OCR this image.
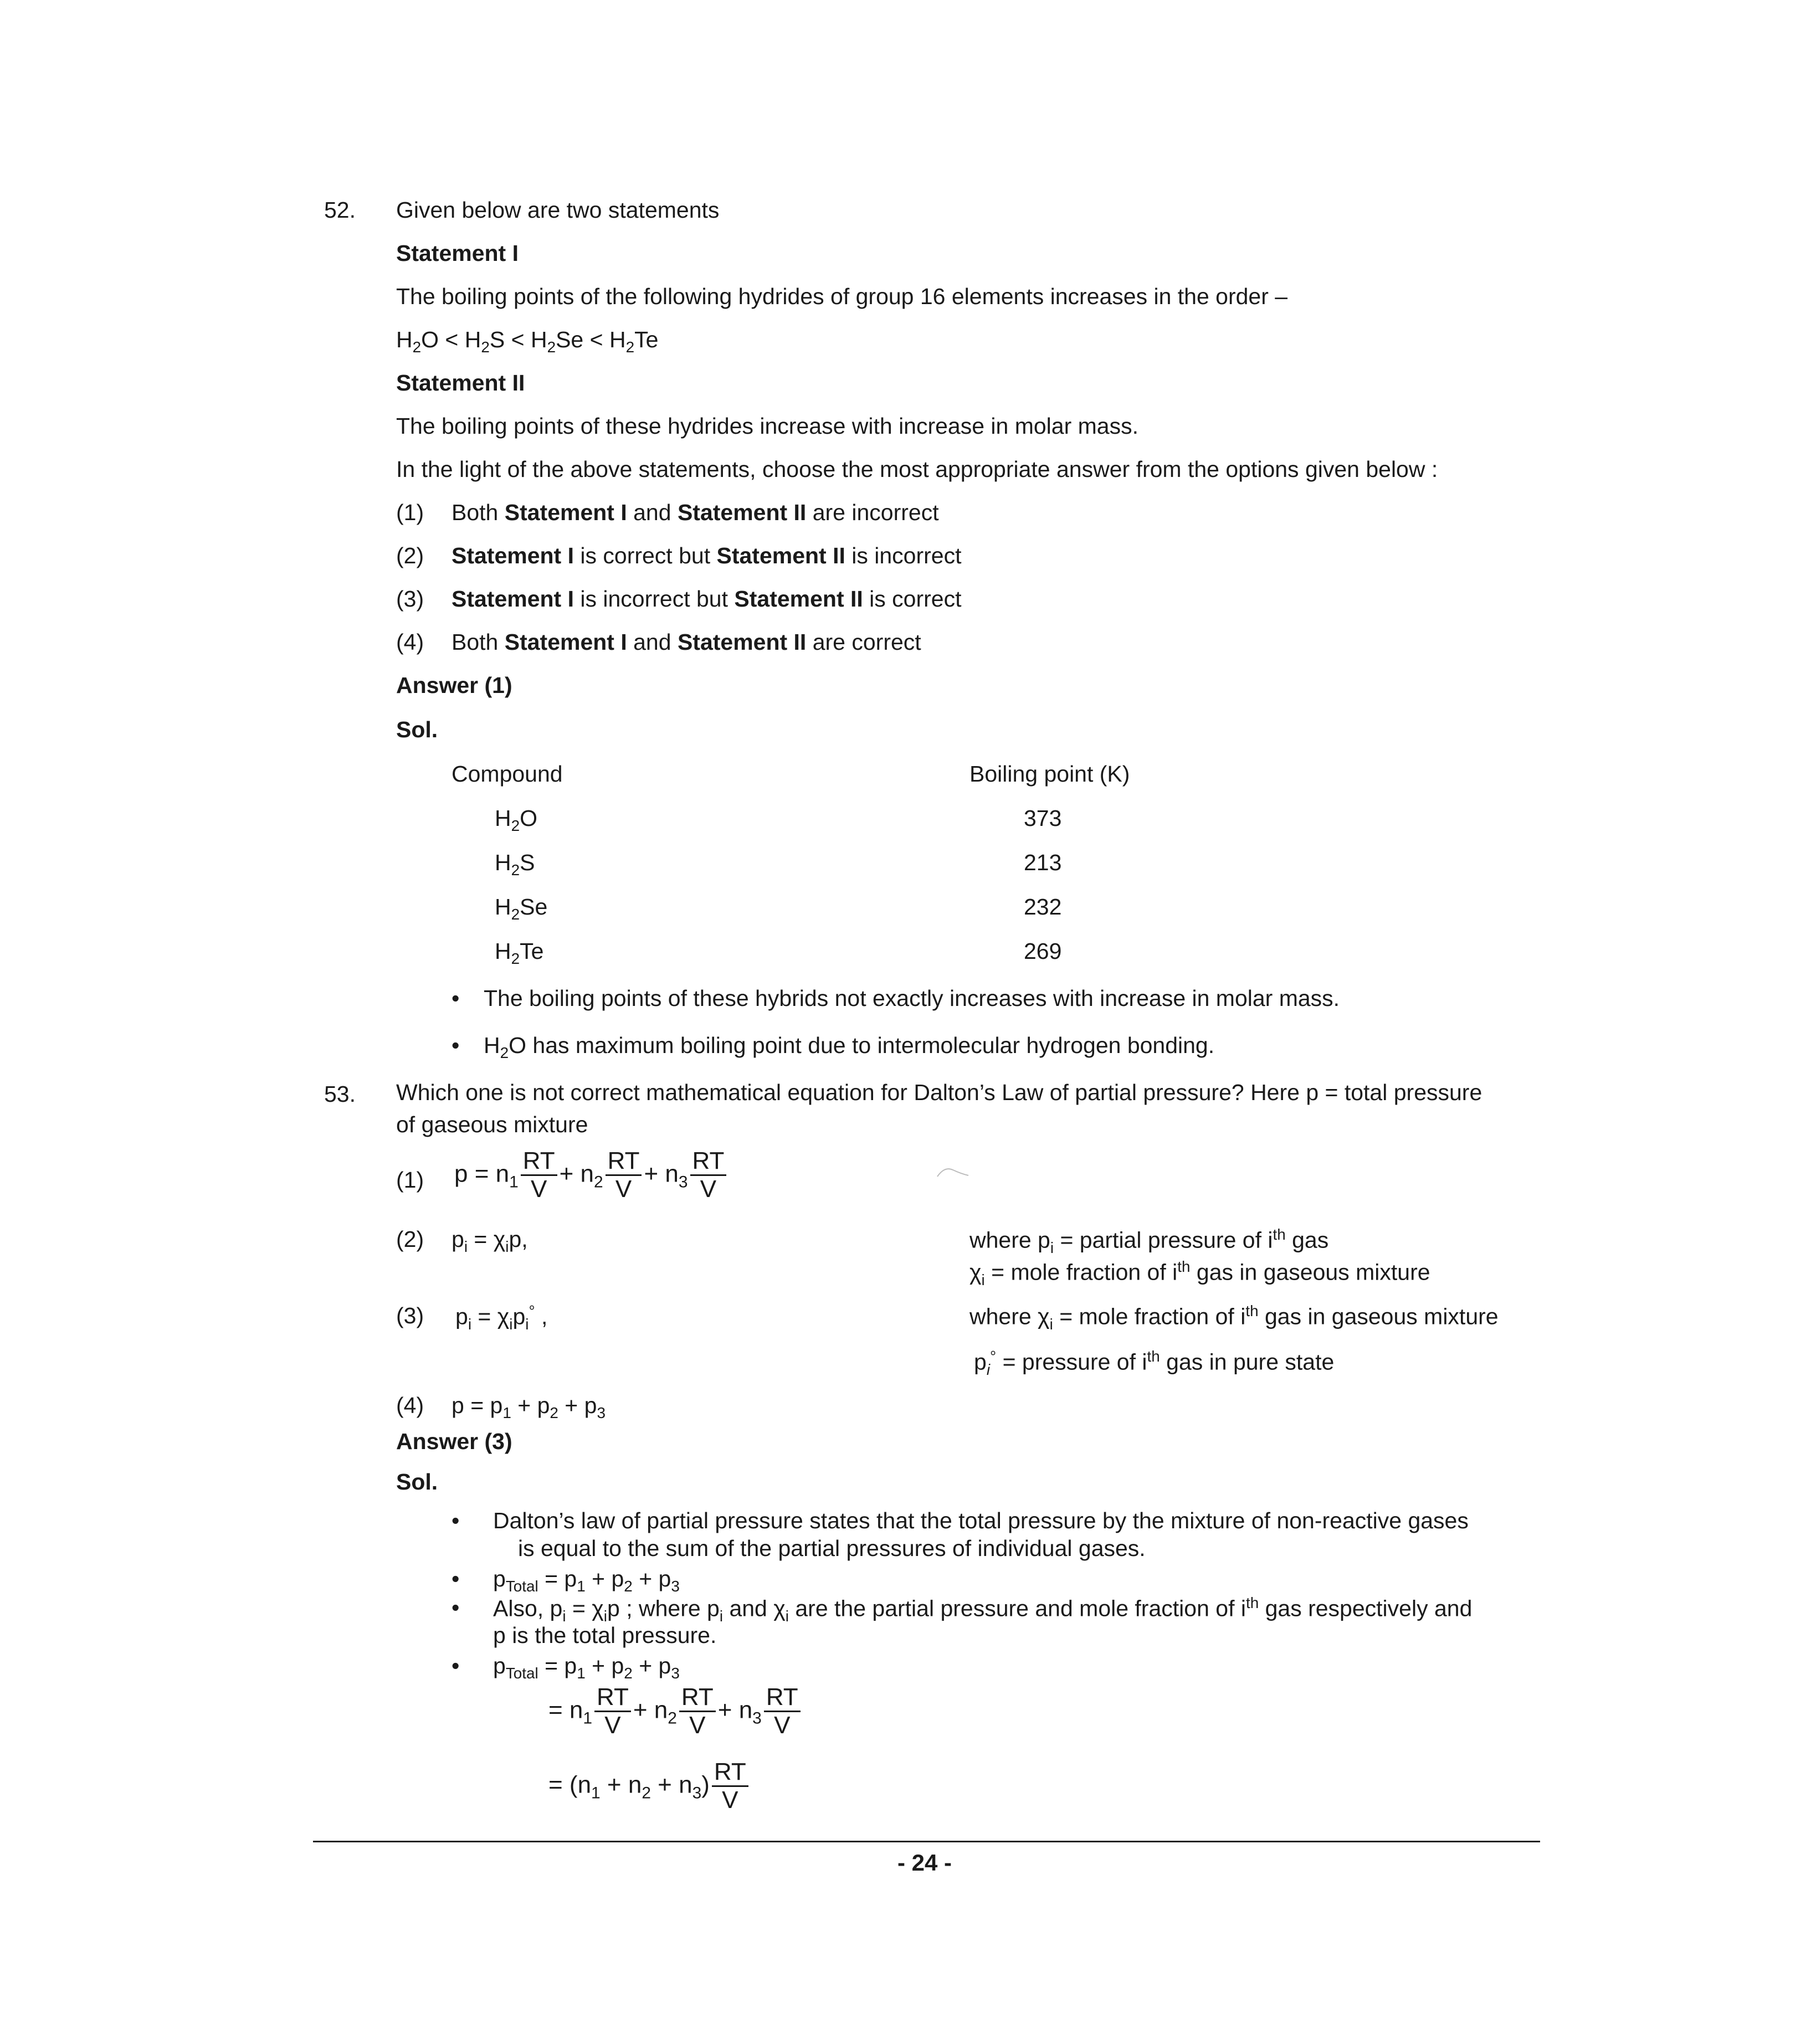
52. Given below are two statements
Statement I
The boiling points of the following hydrides of group 16 elements increases in the order –
$H_2O < H_2S < H_2Se < H_2Te$
Statement II
The boiling points of these hydrides increase with increase in molar mass.
In the light of the above statements, choose the most appropriate answer from the options given below :
(1) Both Statement I and Statement II are incorrect
(2) Statement I is correct but Statement II is incorrect
(3) Statement I is incorrect but Statement II is correct
(4) Both Statement I and Statement II are correct
Answer (1)
Sol.
Compound	Boiling point (K)
$H_2O$	373
$H_2S$	213
$H_2Se$	232
$H_2Te$	269
• The boiling points of these hybrids not exactly increases with increase in molar mass.
• $H_2O$ has maximum boiling point due to intermolecular hydrogen bonding.
53. Which one is not correct mathematical equation for Dalton’s Law of partial pressure? Here p = total pressure
of gaseous mixture
(1) $p = n_1 \frac{RT}{V} + n_2 \frac{RT}{V} + n_3 \frac{RT}{V}$
(2) $p_i = \chi_ip$,	where $p_i$ = partial pressure of $i^{th}$ gas
$\chi_i$ = mole fraction of $i^{th}$ gas in gaseous mixture
(3) $p_i = \chi_ip_i^\circ$ ,	where $\chi_i$ = mole fraction of $i^{th}$ gas in gaseous mixture
$p_i^\circ$ = pressure of $i^{th}$ gas in pure state
(4) $p = p_1 + p_2 + p_3$
Answer (3)
Sol.
• Dalton’s law of partial pressure states that the total pressure by the mixture of non-reactive gases
is equal to the sum of the partial pressures of individual gases.
• $p_{Total} = p_1 + p_2 + p_3$
• Also, $p_i = \chi_ip$ ; where $p_i$ and $\chi_i$ are the partial pressure and mole fraction of $i^{th}$ gas respectively and
p is the total pressure.
• $p_{Total} = p_1 + p_2 + p_3$
= $n_1 \frac{RT}{V} + n_2 \frac{RT}{V} + n_3 \frac{RT}{V}$
= $(n_1 + n_2 + n_3) \frac{RT}{V}$
- 24 -
